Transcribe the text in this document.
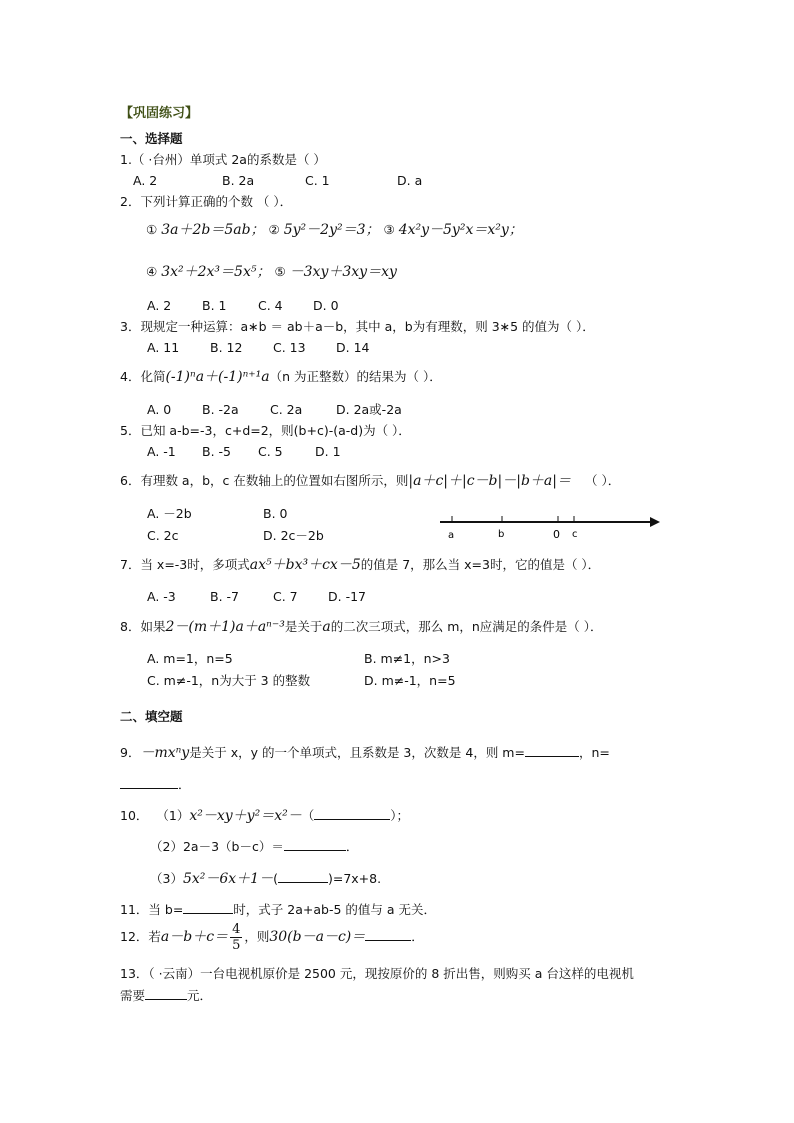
【巩固练习】
一、选择题
1.（ ·台州）单项式 2a的系数是（ ）
A. 2	B. 2a	C. 1	D. a
2．下列计算正确的个数 （ ）．
① 3a＋2b＝5ab； ② 5y²－2y²＝3； ③ 4x²y－5y²x＝x²y；
④ 3x²＋2x³＝5x⁵； ⑤ －3xy＋3xy＝xy
A. 2 B. 1	C. 4 D. 0
3．现规定一种运算：a∗b ＝ ab＋a－b，其中 a，b为有理数，则 3∗5 的值为（ ）．
A. 11 B. 12 C. 13 D. 14
4．化简(-1)ⁿa＋(-1)ⁿ⁺¹a（n 为正整数）的结果为（ ）．
A. 0 B. -2a	C. 2a	D. 2a或-2a
5．已知 a-b=-3，c+d=2，则(b+c)-(a-d)为（ ）．
A. -1 B. -5 C. 5	D. 1
6．有理数 a，b，c 在数轴上的位置如右图所示，则|a＋c|＋|c－b|－|b＋a|＝ （ ）．
A. －2b	B. 0
C. 2c	D. 2c－2b	a	b	0 c
7．当 x=-3时，多项式ax⁵＋bx³＋cx－5的值是 7，那么当 x=3时，它的值是（ ）．
A. -3	B. -7	C. 7 D. -17
8．如果2－(m＋1)a＋aⁿ⁻³是关于a的二次三项式，那么 m，n应满足的条件是（ ）．
A. m=1，n=5	B. m≠1，n>3
C. m≠-1，n为大于 3 的整数	D. m≠-1，n=5
二、填空题
9．－mxⁿy是关于 x，y 的一个单项式，且系数是 3，次数是 4，则 m=	，n=
．
10． （1）x²－xy＋y²＝x²－（	）；
（2）2a－3（b－c）＝	．
（3）5x²－6x＋1－(	)=7x+8.
11．当 b=	时，式子 2a+ab-5 的值与 a 无关．
12．若$a-b+c= \frac{4}{5}$ ，则30(b－a－c)＝	．
13．（ ·云南）一台电视机原价是 2500 元，现按原价的 8 折出售，则购买 a 台这样的电视机
需要	元．
